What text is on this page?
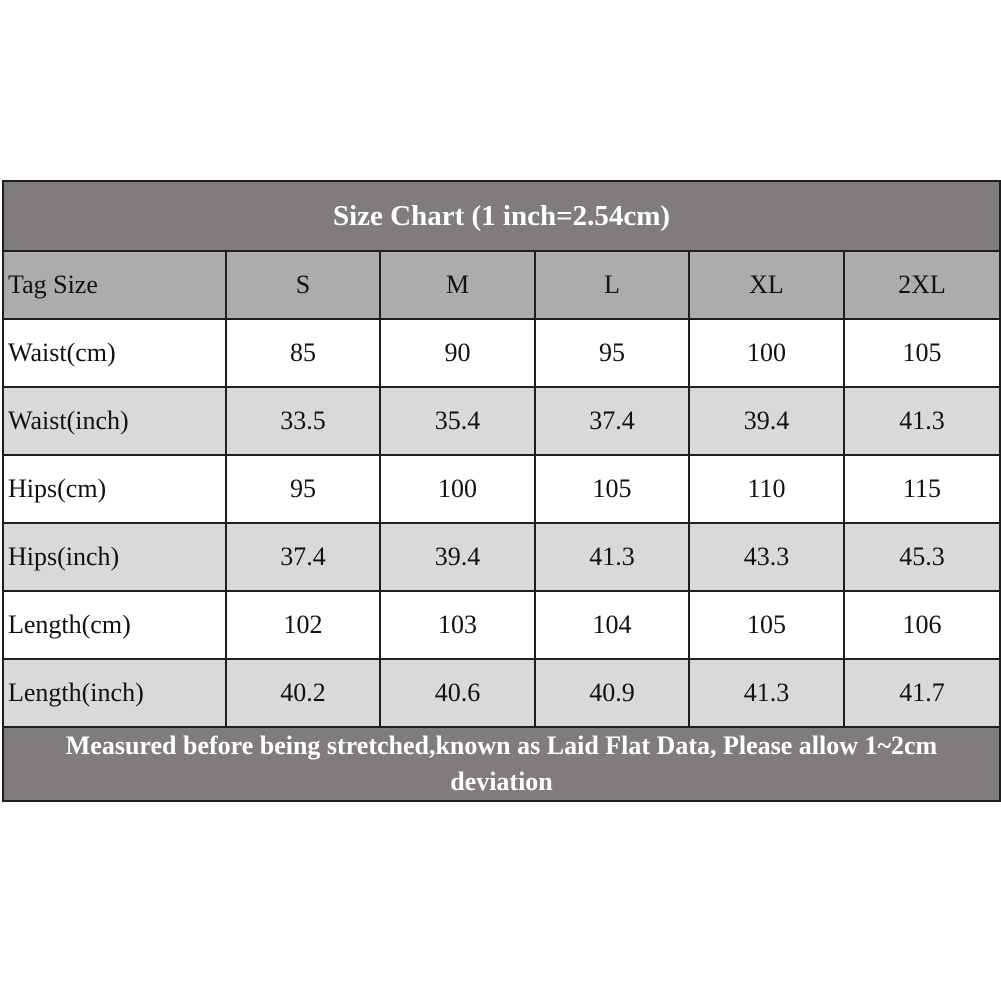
Size Chart (1 inch=2.54cm)					
Tag Size	S	M	L	XL	2XL
Waist(cm)	85	90	95	100	105
Waist(inch)	33.5	35.4	37.4	39.4	41.3
Hips(cm)	95	100	105	110	115
Hips(inch)	37.4	39.4	41.3	43.3	45.3
Length(cm)	102	103	104	105	106
Length(inch)	40.2	40.6	40.9	41.3	41.7
Measured before being stretched,known as Laid Flat Data, Please allow 1~2cm deviation					
